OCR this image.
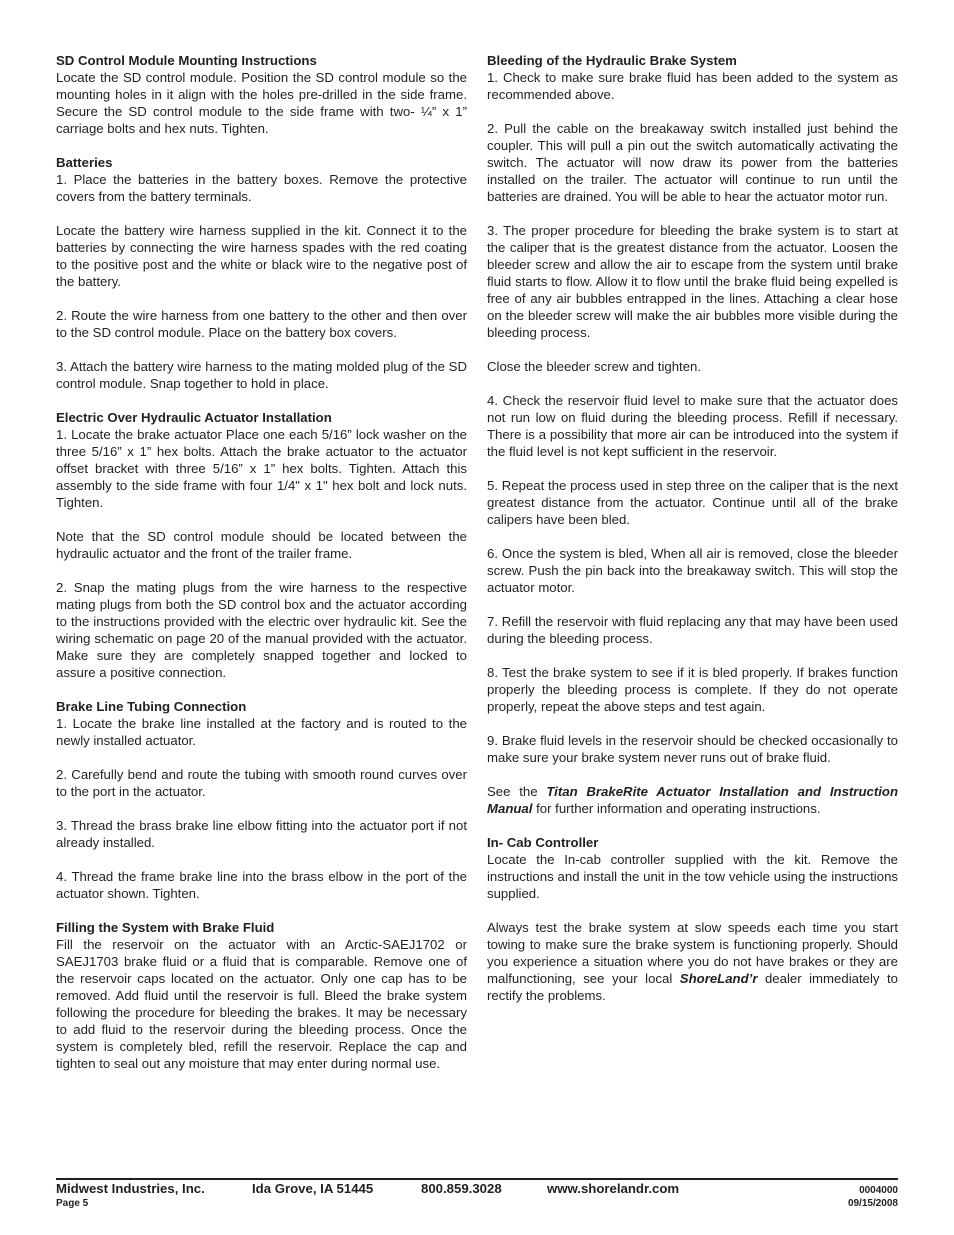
SD Control Module Mounting Instructions

Locate the SD control module. Position the SD control module so the mounting holes in it align with the holes pre-drilled in the side frame. Secure the SD control module to the side frame with two- ¼” x 1” carriage bolts and hex nuts. Tighten.

Batteries

1. Place the batteries in the battery boxes. Remove the protective covers from the battery terminals.

Locate the battery wire harness supplied in the kit. Connect it to the batteries by connecting the wire harness spades with the red coating to the positive post and the white or black wire to the negative post of the battery.

2. Route the wire harness from one battery to the other and then over to the SD control module. Place on the battery box covers.

3. Attach the battery wire harness to the mating molded plug of the SD control module. Snap together to hold in place.

Electric Over Hydraulic Actuator Installation

1. Locate the brake actuator Place one each 5/16” lock washer on the three 5/16” x 1” hex bolts. Attach the brake actuator to the actuator offset bracket with three 5/16” x 1” hex bolts. Tighten. Attach this assembly to the side frame with four 1/4" x 1" hex bolt and lock nuts. Tighten.

Note that the SD control module should be located between the hydraulic actuator and the front of the trailer frame.

2. Snap the mating plugs from the wire harness to the respective mating plugs from both the SD control box and the actuator according to the instructions provided with the electric over hydraulic kit. See the wiring schematic on page 20 of the manual provided with the actuator. Make sure they are completely snapped together and locked to assure a positive connection.

Brake Line Tubing Connection

1. Locate the brake line installed at the factory and is routed to the newly installed actuator.

2. Carefully bend and route the tubing with smooth round curves over to the port in the actuator.

3. Thread the brass brake line elbow fitting into the actuator port if not already installed.

4. Thread the frame brake line into the brass elbow in the port of the actuator shown. Tighten.

Filling the System with Brake Fluid

Fill the reservoir on the actuator with an Arctic-SAEJ1702 or SAEJ1703 brake fluid or a fluid that is comparable. Remove one of the reservoir caps located on the actuator. Only one cap has to be removed. Add fluid until the reservoir is full. Bleed the brake system following the procedure for bleeding the brakes. It may be necessary to add fluid to the reservoir during the bleeding process. Once the system is completely bled, refill the reservoir. Replace the cap and tighten to seal out any moisture that may enter during normal use.

Bleeding of the Hydraulic Brake System

1. Check to make sure brake fluid has been added to the system as recommended above.

2. Pull the cable on the breakaway switch installed just behind the coupler. This will pull a pin out the switch automatically activating the switch. The actuator will now draw its power from the batteries installed on the trailer. The actuator will continue to run until the batteries are drained. You will be able to hear the actuator motor run.

3. The proper procedure for bleeding the brake system is to start at the caliper that is the greatest distance from the actuator. Loosen the bleeder screw and allow the air to escape from the system until brake fluid starts to flow. Allow it to flow until the brake fluid being expelled is free of any air bubbles entrapped in the lines. Attaching a clear hose on the bleeder screw will make the air bubbles more visible during the bleeding process.

Close the bleeder screw and tighten.

4. Check the reservoir fluid level to make sure that the actuator does not run low on fluid during the bleeding process. Refill if necessary. There is a possibility that more air can be introduced into the system if the fluid level is not kept sufficient in the reservoir.

5. Repeat the process used in step three on the caliper that is the next greatest distance from the actuator. Continue until all of the brake calipers have been bled.

6. Once the system is bled, When all air is removed, close the bleeder screw. Push the pin back into the breakaway switch. This will stop the actuator motor.

7. Refill the reservoir with fluid replacing any that may have been used during the bleeding process.

8. Test the brake system to see if it is bled properly. If brakes function properly the bleeding process is complete. If they do not operate properly, repeat the above steps and test again.

9. Brake fluid levels in the reservoir should be checked occasionally to make sure your brake system never runs out of brake fluid.

See the Titan BrakeRite Actuator Installation and Instruction Manual for further information and operating instructions.

In- Cab Controller

Locate the In-cab controller supplied with the kit. Remove the instructions and install the unit in the tow vehicle using the instructions supplied.

Always test the brake system at slow speeds each time you start towing to make sure the brake system is functioning properly. Should you experience a situation where you do not have brakes or they are malfunctioning, see your local ShoreLand’r dealer immediately to rectify the problems.

Midwest Industries, Inc.	Ida Grove, IA 51445	800.859.3028	www.shorelandr.com
Page 5
0004000
09/15/2008
